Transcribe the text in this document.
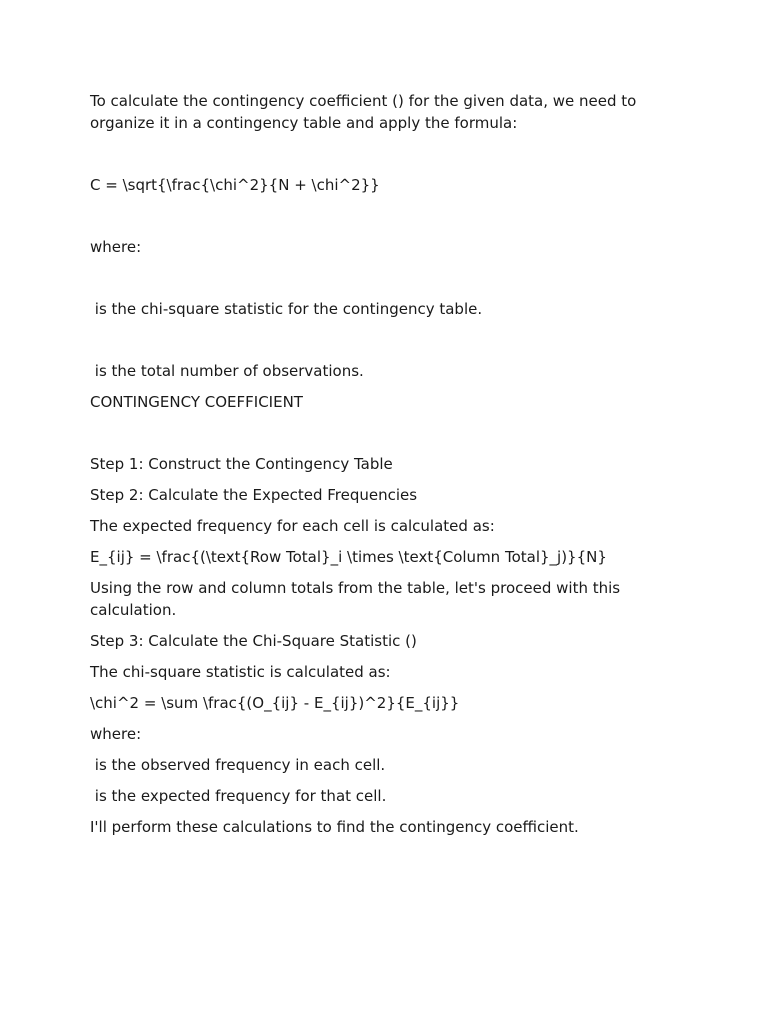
To calculate the contingency coefficient () for the given data, we need to organize it in a contingency table and apply the formula:

C = \sqrt{\frac{\chi^2}{N + \chi^2}}

where:

is the chi-square statistic for the contingency table.

is the total number of observations.

CONTINGENCY COEFFICIENT

Step 1: Construct the Contingency Table

Step 2: Calculate the Expected Frequencies

The expected frequency for each cell is calculated as:

E_{ij} = \frac{(\text{Row Total}_i \times \text{Column Total}_j)}{N}

Using the row and column totals from the table, let's proceed with this calculation.

Step 3: Calculate the Chi-Square Statistic ()

The chi-square statistic is calculated as:

\chi^2 = \sum \frac{(O_{ij} - E_{ij})^2}{E_{ij}}

where:

is the observed frequency in each cell.

is the expected frequency for that cell.

I'll perform these calculations to find the contingency coefficient.
